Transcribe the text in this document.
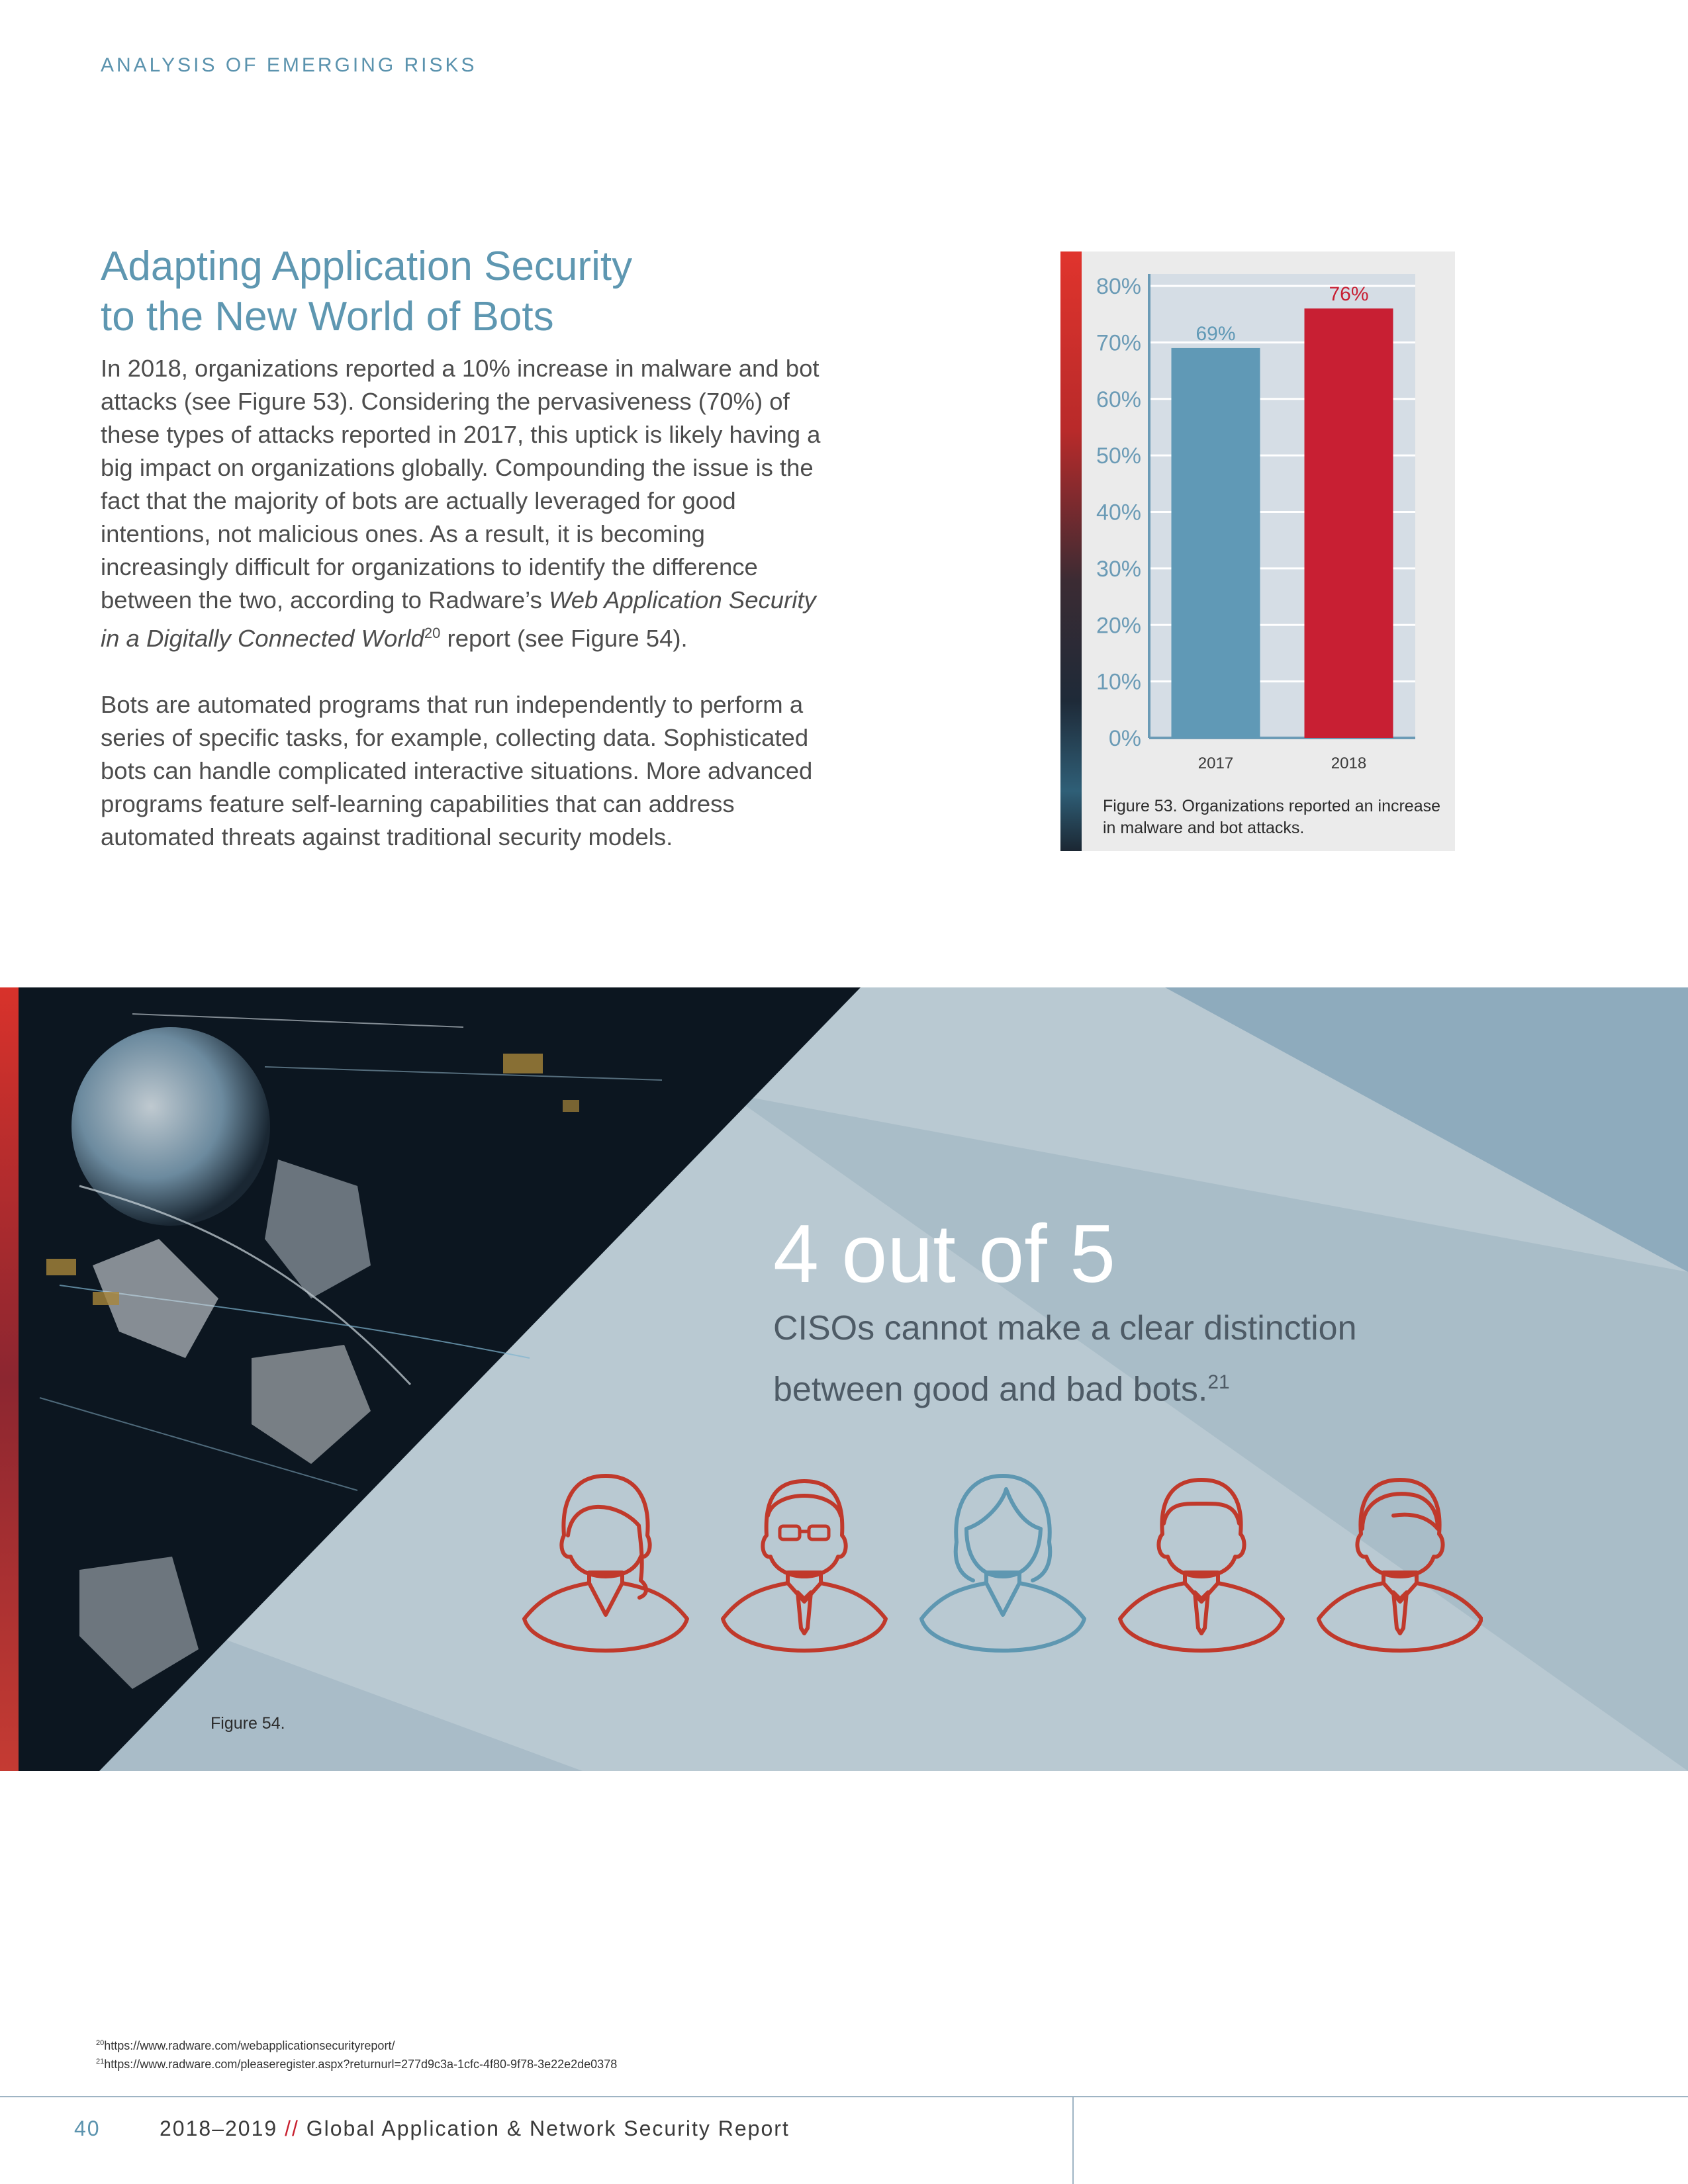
ANALYSIS OF EMERGING RISKS
Adapting Application Security
to the New World of Bots

In 2018, organizations reported a 10% increase in malware and bot attacks (see Figure 53). Considering the pervasiveness (70%) of these types of attacks reported in 2017, this uptick is likely having a big impact on organizations globally. Compounding the issue is the fact that the majority of bots are actually leveraged for good intentions, not malicious ones. As a result, it is becoming increasingly difficult for organizations to identify the difference between the two, according to Radware’s Web Application Security in a Digitally Connected World$^{20}$ report (see Figure 54).

Bots are automated programs that run independently to perform a series of specific tasks, for example, collecting data. Sophisticated bots can handle complicated interactive situations. More advanced programs feature self-learning capabilities that can address automated threats against traditional security models.

0%
10%
20%
30%
40%
50%
60%
70%
80%
69%
2017
76%
2018
Figure 53. Organizations reported an increase in malware and bot attacks.
4 out of 5
CISOs cannot make a clear distinction between good and bad bots.$^{21}$
Figure 54.
$^{20}$https://www.radware.com/webapplicationsecurityreport/
$^{21}$https://www.radware.com/pleaseregister.aspx?returnurl=277d9c3a-1cfc-4f80-9f78-3e22e2de0378
40	2018–2019 // Global Application & Network Security Report
